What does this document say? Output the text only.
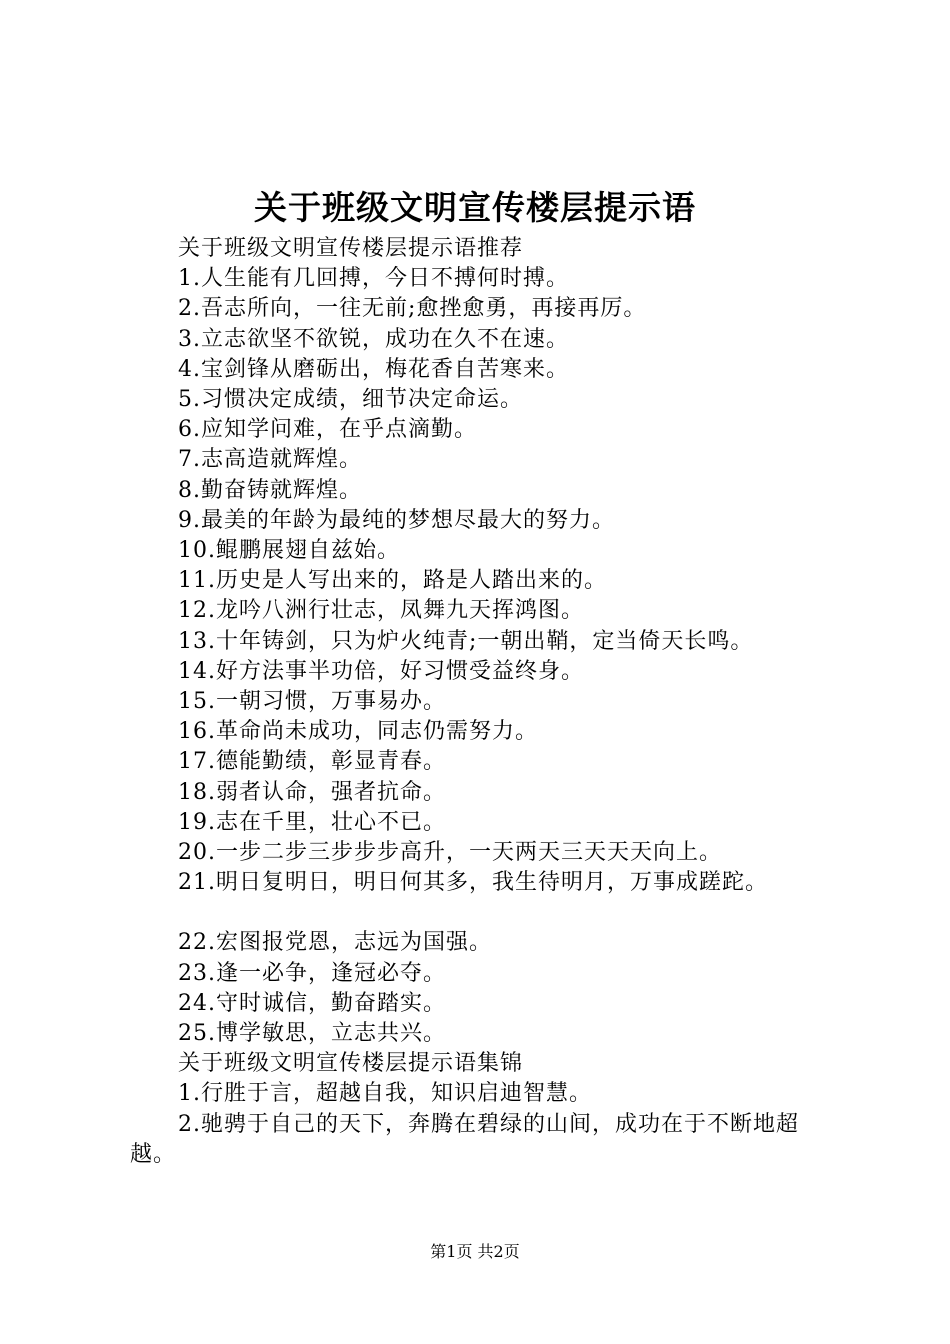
关于班级文明宣传楼层提示语
关于班级文明宣传楼层提示语推荐
1.人生能有几回搏，今日不搏何时搏。
2.吾志所向，一往无前;愈挫愈勇，再接再厉。
3.立志欲坚不欲锐，成功在久不在速。
4.宝剑锋从磨砺出，梅花香自苦寒来。
5.习惯决定成绩，细节决定命运。
6.应知学问难，在乎点滴勤。
7.志高造就辉煌。
8.勤奋铸就辉煌。
9.最美的年龄为最纯的梦想尽最大的努力。
10.鲲鹏展翅自兹始。
11.历史是人写出来的，路是人踏出来的。
12.龙吟八洲行壮志，凤舞九天挥鸿图。
13.十年铸剑，只为炉火纯青;一朝出鞘，定当倚天长鸣。
14.好方法事半功倍，好习惯受益终身。
15.一朝习惯，万事易办。
16.革命尚未成功，同志仍需努力。
17.德能勤绩，彰显青春。
18.弱者认命，强者抗命。
19.志在千里，壮心不已。
20.一步二步三步步步高升，一天两天三天天天向上。
21.明日复明日，明日何其多，我生待明月，万事成蹉跎。
22.宏图报党恩，志远为国强。
23.逢一必争，逢冠必夺。
24.守时诚信，勤奋踏实。
25.博学敏思，立志共兴。
关于班级文明宣传楼层提示语集锦
1.行胜于言，超越自我，知识启迪智慧。
2.驰骋于自己的天下，奔腾在碧绿的山间，成功在于不断地超越。
第1页 共2页
